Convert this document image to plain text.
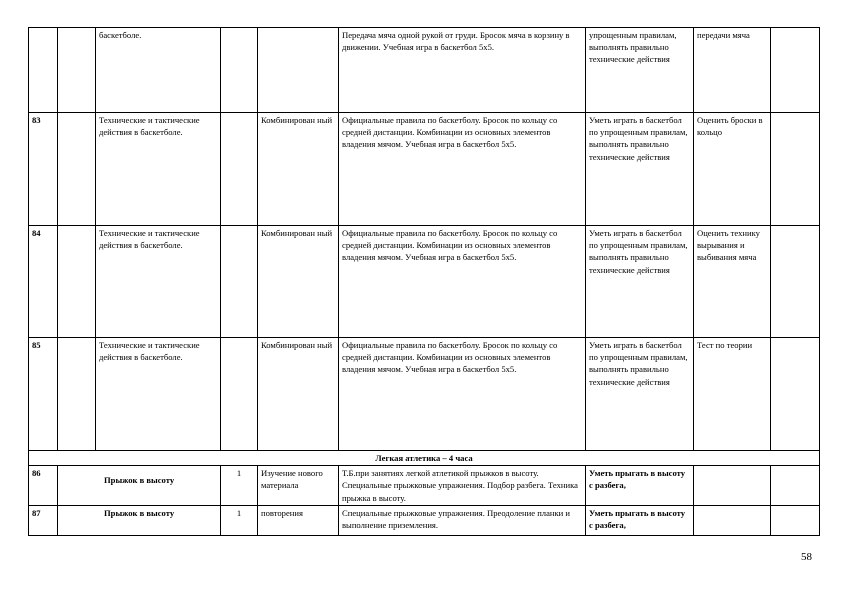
		баскетболе.			Передача мяча одной рукой от груди. Бросок мяча в корзину в движении. Учебная игра в баскетбол 5х5.	упрощенным правилам, выполнять правильно технические действия	передачи мяча	
83		Технические и тактические действия в баскетболе.		Комбинирован ный	Официальные правила по баскетболу. Бросок по кольцу со средней дистанции. Комбинации из основных элементов владения мячом. Учебная игра в баскетбол 5х5.	Уметь играть в баскетбол по упрощенным правилам, выполнять правильно технические действия	Оценить броски в кольцо	
84		Технические и тактические действия в баскетболе.		Комбинирован ный	Официальные правила по баскетболу. Бросок по кольцу со средней дистанции. Комбинации из основных элементов владения мячом. Учебная игра в баскетбол 5х5.	Уметь играть в баскетбол по упрощенным правилам, выполнять правильно технические действия	Оценить технику вырывания и выбивания мяча	
85		Технические и тактические действия в баскетболе.		Комбинирован ный	Официальные правила по баскетболу. Бросок по кольцу со средней дистанции. Комбинации из основных элементов владения мячом. Учебная игра в баскетбол 5х5.	Уметь играть в баскетбол по упрощенным правилам, выполнять правильно технические действия	Тест по теории	
Легкая атлетика – 4 часа								
86	Прыжок в высоту		1	Изучение нового материала	Т.Б.при занятиях легкой атлетикой прыжков в высоту. Специальные прыжковые упражнения. Подбор разбега. Техника прыжка в высоту.	Уметь прыгать в высоту с разбега,		
87	Прыжок в высоту		1	повторения	Специальные прыжковые упражнения. Преодоление планки и выполнение приземления.	Уметь прыгать в высоту с разбега,		
58
